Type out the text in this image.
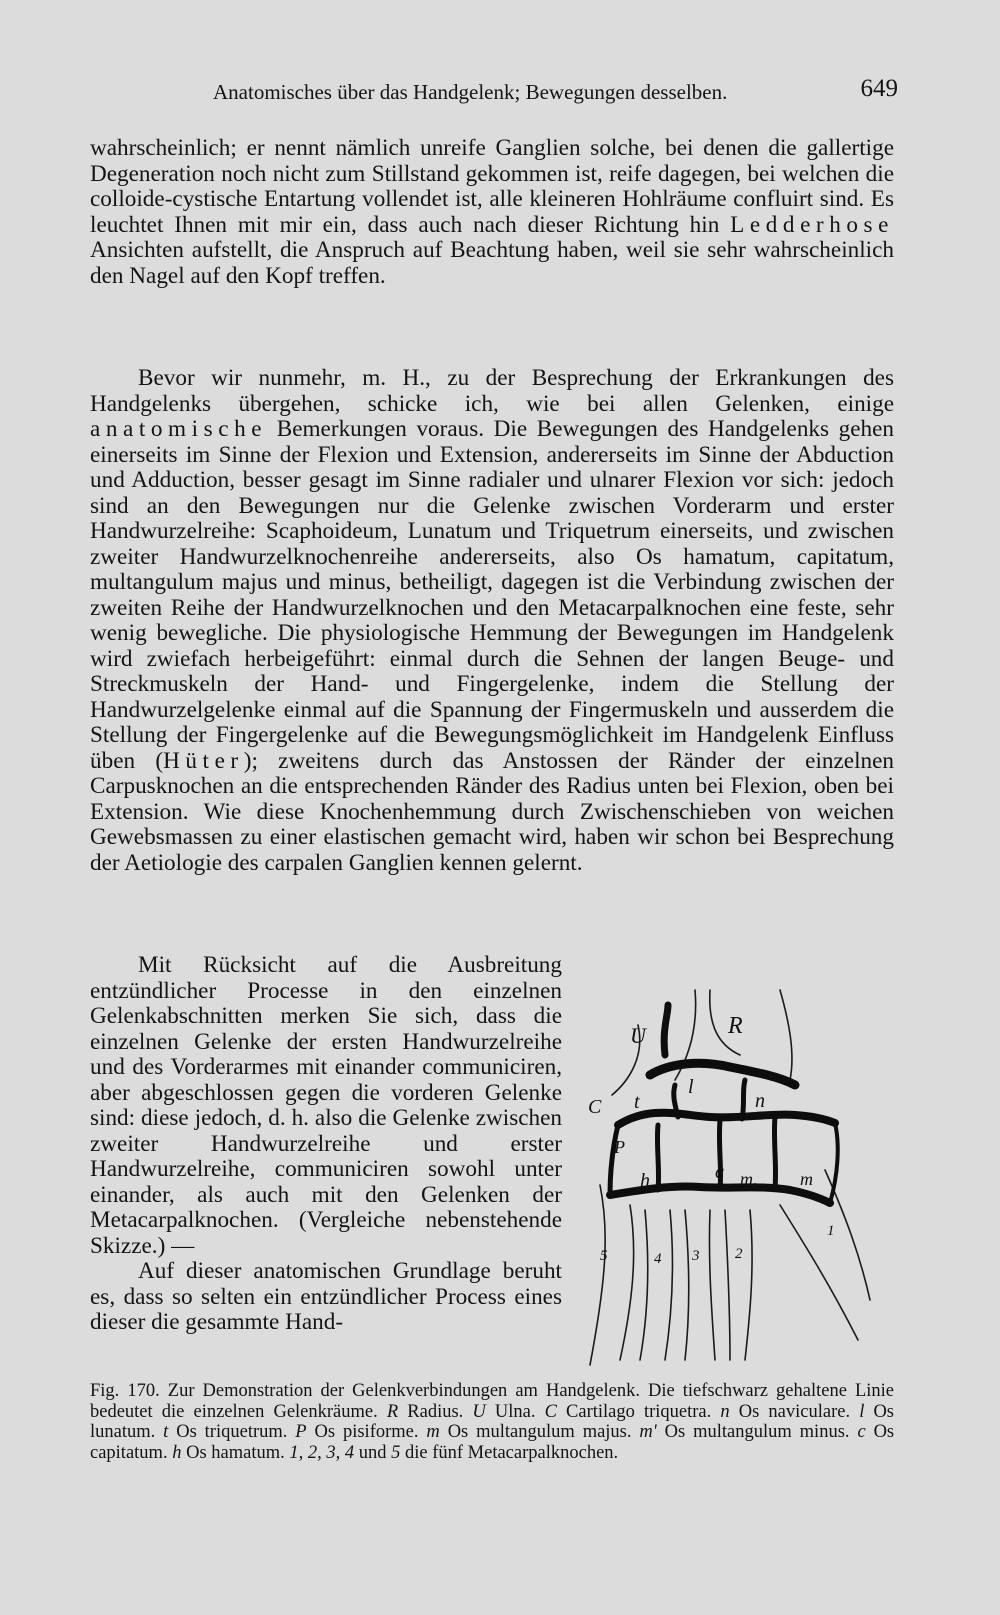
Anatomisches über das Handgelenk; Bewegungen desselben.	649

wahrscheinlich; er nennt nämlich unreife Ganglien solche, bei denen die gallertige Degeneration noch nicht zum Stillstand gekommen ist, reife dagegen, bei welchen die colloide-cystische Entartung vollendet ist, alle kleineren Hohlräume confluirt sind. Es leuchtet Ihnen mit mir ein, dass auch nach dieser Richtung hin Ledderhose Ansichten aufstellt, die Anspruch auf Beachtung haben, weil sie sehr wahrscheinlich den Nagel auf den Kopf treffen.

Bevor wir nunmehr, m. H., zu der Besprechung der Erkrankungen des Handgelenks übergehen, schicke ich, wie bei allen Gelenken, einige anatomische Bemerkungen voraus. Die Bewegungen des Handgelenks gehen einerseits im Sinne der Flexion und Extension, andererseits im Sinne der Abduction und Adduction, besser gesagt im Sinne radialer und ulnarer Flexion vor sich: jedoch sind an den Bewegungen nur die Gelenke zwischen Vorderarm und erster Handwurzelreihe: Scaphoideum, Lunatum und Triquetrum einerseits, und zwischen zweiter Handwurzelknochenreihe andererseits, also Os hamatum, capitatum, multangulum majus und minus, betheiligt, dagegen ist die Verbindung zwischen der zweiten Reihe der Handwurzelknochen und den Metacarpalknochen eine feste, sehr wenig bewegliche. Die physiologische Hemmung der Bewegungen im Handgelenk wird zwiefach herbeigeführt: einmal durch die Sehnen der langen Beuge- und Streckmuskeln der Hand- und Fingergelenke, indem die Stellung der Handwurzelgelenke einmal auf die Spannung der Fingermuskeln und ausserdem die Stellung der Fingergelenke auf die Bewegungsmöglichkeit im Handgelenk Einfluss üben (Hüter); zweitens durch das Anstossen der Ränder der einzelnen Carpusknochen an die entsprechenden Ränder des Radius unten bei Flexion, oben bei Extension. Wie diese Knochenhemmung durch Zwischenschieben von weichen Gewebsmassen zu einer elastischen gemacht wird, haben wir schon bei Besprechung der Aetiologie des carpalen Ganglien kennen gelernt.

Mit Rücksicht auf die Ausbreitung entzündlicher Processe in den einzelnen Gelenkabschnitten merken Sie sich, dass die einzelnen Gelenke der ersten Handwurzelreihe und des Vorderarmes mit einander communiciren, aber abgeschlossen gegen die vorderen Gelenke sind: diese jedoch, d. h. also die Gelenke zwischen zweiter Handwurzelreihe und erster Handwurzelreihe, communiciren sowohl unter einander, als auch mit den Gelenken der Metacarpalknochen. (Vergleiche nebenstehende Skizze.) —

Auf dieser anatomischen Grundlage beruht es, dass so selten ein entzündlicher Process eines dieser die gesammte Hand-

U	R
C t
l
n
P
h	c m, m
5	4 3 2
1
Fig. 170. Zur Demonstration der Gelenkverbindungen am Handgelenk. Die tiefschwarz gehaltene Linie bedeutet die einzelnen Gelenkräume. R Radius. U Ulna. C Cartilago triquetra. n Os naviculare. l Os lunatum. t Os triquetrum. P Os pisiforme. m Os multangulum majus. m' Os multangulum minus. c Os capitatum. h Os hamatum. 1, 2, 3, 4 und 5 die fünf Metacarpalknochen.
